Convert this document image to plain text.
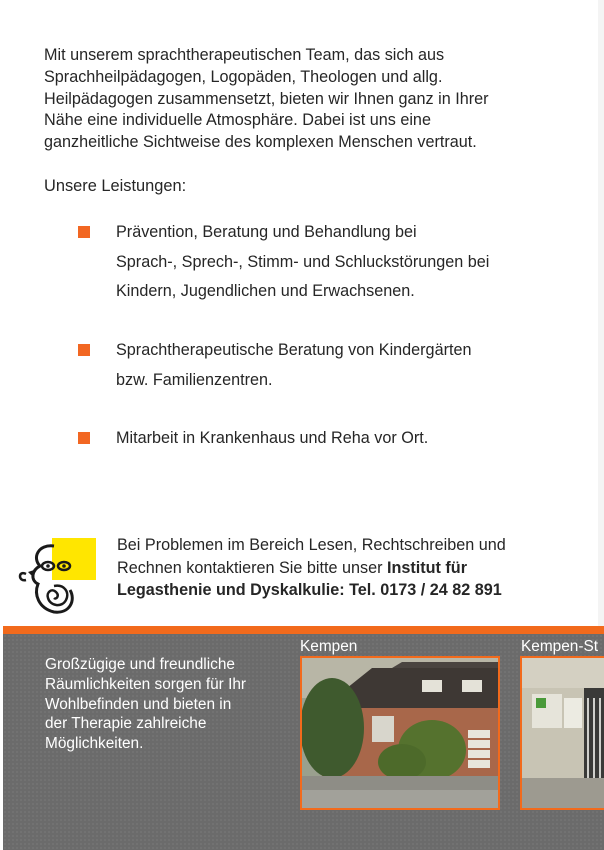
Mit unserem sprachtherapeutischen Team, das sich aus
Sprachheilpädagogen, Logopäden, Theologen und allg.
Heilpädagogen zusammensetzt, bieten wir Ihnen ganz in Ihrer
Nähe eine individuelle Atmosphäre. Dabei ist uns eine
ganzheitliche Sichtweise des komplexen Menschen vertraut.
Unsere Leistungen:
Prävention, Beratung und Behandlung bei
Sprach-, Sprech-, Stimm- und Schluckstörungen bei
Kindern, Jugendlichen und Erwachsenen.
Sprachtherapeutische Beratung von Kindergärten
bzw. Familienzentren.
Mitarbeit in Krankenhaus und Reha vor Ort.
Bei Problemen im Bereich Lesen, Rechtschreiben und
Rechnen kontaktieren Sie bitte unser Institut für
Legasthenie und Dyskalkulie: Tel. 0173 / 24 82 891
Großzügige und freundliche
Räumlichkeiten sorgen für Ihr
Wohlbefinden und bieten in
der Therapie zahlreiche
Möglichkeiten.
Kempen	Kempen-St
